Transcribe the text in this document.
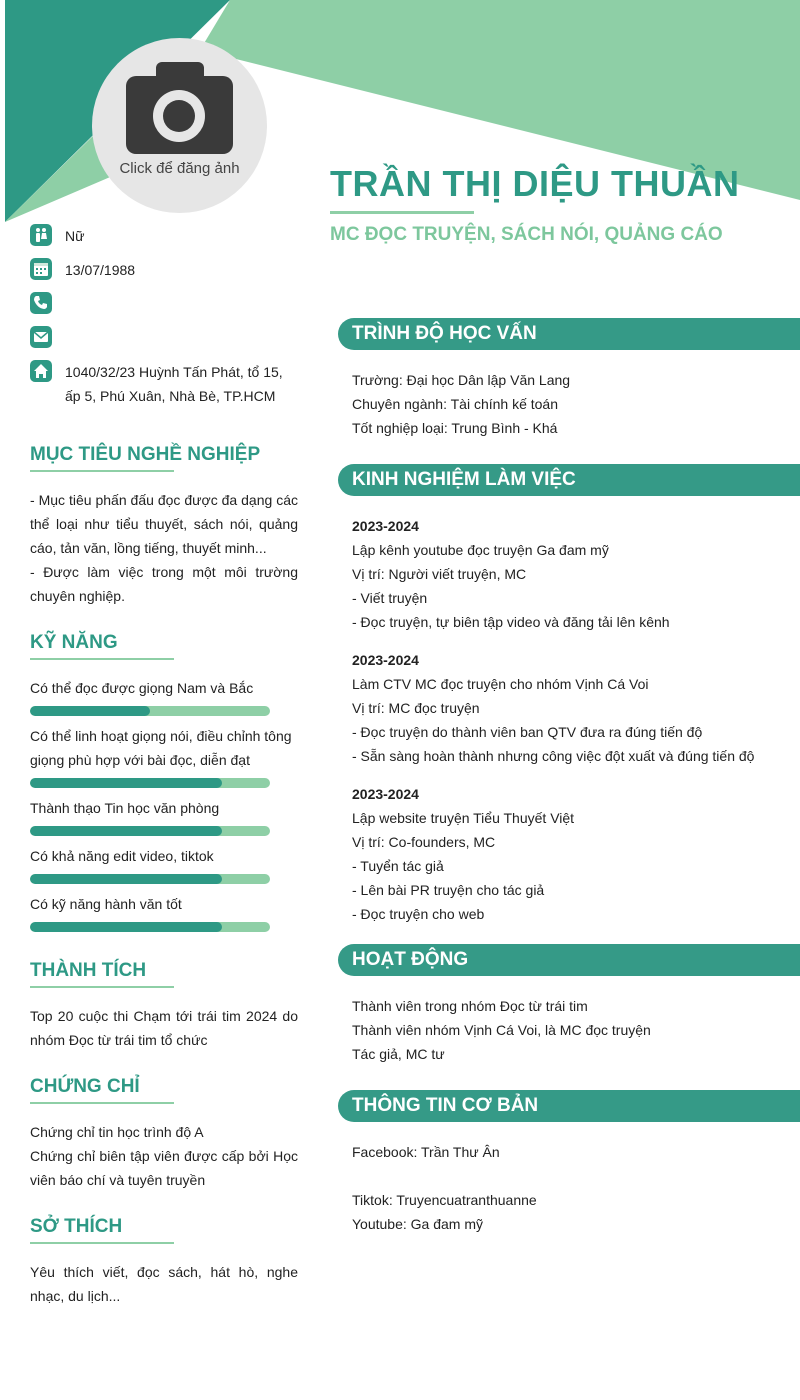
Click để đăng ảnh	TRẦN THỊ DIỆU THUẦN
MC ĐỌC TRUYỆN, SÁCH NÓI, QUẢNG CÁO
Nữ
13/07/1988
1040/32/23 Huỳnh Tấn Phát, tổ 15, ấp 5, Phú Xuân, Nhà Bè, TP.HCM
MỤC TIÊU NGHỀ NGHIỆP
- Mục tiêu phấn đấu đọc được đa dạng các thể loại như tiểu thuyết, sách nói, quảng cáo, tản văn, lồng tiếng, thuyết minh...
- Được làm việc trong một môi trường chuyên nghiệp.
KỸ NĂNG
Có thể đọc được giọng Nam và Bắc
Có thể linh hoạt giọng nói, điều chỉnh tông giọng phù hợp với bài đọc, diễn đạt
Thành thạo Tin học văn phòng
Có khả năng edit video, tiktok
Có kỹ năng hành văn tốt
THÀNH TÍCH
Top 20 cuộc thi Chạm tới trái tim 2024 do nhóm Đọc từ trái tim tổ chức
CHỨNG CHỈ
Chứng chỉ tin học trình độ A
Chứng chỉ biên tập viên được cấp bởi Học viên báo chí và tuyên truyền
SỞ THÍCH
Yêu thích viết, đọc sách, hát hò, nghe nhạc, du lịch...
TRÌNH ĐỘ HỌC VẤN
Trường: Đại học Dân lập Văn Lang
Chuyên ngành: Tài chính kế toán
Tốt nghiệp loại: Trung Bình - Khá
KINH NGHIỆM LÀM VIỆC
2023-2024
Lập kênh youtube đọc truyện Ga đam mỹ
Vị trí: Người viết truyện, MC
- Viết truyện
- Đọc truyện, tự biên tập video và đăng tải lên kênh
2023-2024
Làm CTV MC đọc truyện cho nhóm Vịnh Cá Voi
Vị trí: MC đọc truyện
- Đọc truyện do thành viên ban QTV đưa ra đúng tiến độ
- Sẵn sàng hoàn thành nhưng công việc đột xuất và đúng tiến độ
2023-2024
Lập website truyện Tiểu Thuyết Việt
Vị trí: Co-founders, MC
- Tuyển tác giả
- Lên bài PR truyện cho tác giả
- Đọc truyện cho web
HOẠT ĐỘNG
Thành viên trong nhóm Đọc từ trái tim
Thành viên nhóm Vịnh Cá Voi, là MC đọc truyện
Tác giả, MC tư
THÔNG TIN CƠ BẢN
Facebook: Trần Thư Ân
Tiktok: Truyencuatranthuanne
Youtube: Ga đam mỹ
